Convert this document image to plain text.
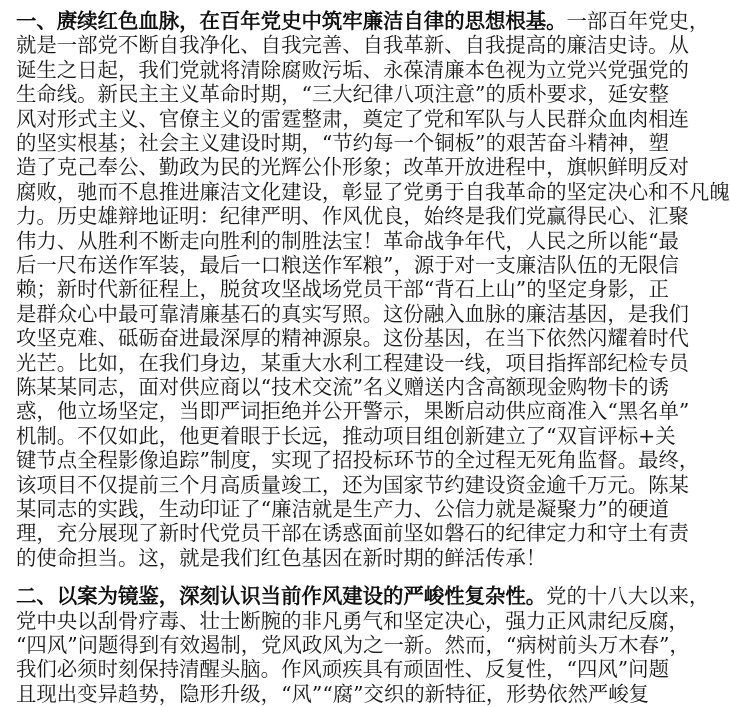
一、赓续红色血脉，在百年党史中筑牢廉洁自律的思想根基。一部百年党史，
就是一部党不断自我净化、自我完善、自我革新、自我提高的廉洁史诗。从
诞生之日起，我们党就将清除腐败污垢、永葆清廉本色视为立党兴党强党的
生命线。新民主主义革命时期，“三大纪律八项注意”的质朴要求，延安整
风对形式主义、官僚主义的雷霆整肃，奠定了党和军队与人民群众血肉相连
的坚实根基；社会主义建设时期，“节约每一个铜板”的艰苦奋斗精神，塑
造了克己奉公、勤政为民的光辉公仆形象；改革开放进程中，旗帜鲜明反对
腐败，驰而不息推进廉洁文化建设，彰显了党勇于自我革命的坚定决心和不凡魄
力。历史雄辩地证明：纪律严明、作风优良，始终是我们党赢得民心、汇聚
伟力、从胜利不断走向胜利的制胜法宝！革命战争年代，人民之所以能“最
后一尺布送作军装，最后一口粮送作军粮”，源于对一支廉洁队伍的无限信
赖；新时代新征程上，脱贫攻坚战场党员干部“背石上山”的坚定身影，正
是群众心中最可靠清廉基石的真实写照。这份融入血脉的廉洁基因，是我们
攻坚克难、砥砺奋进最深厚的精神源泉。这份基因，在当下依然闪耀着时代
光芒。比如，在我们身边，某重大水利工程建设一线，项目指挥部纪检专员
陈某某同志，面对供应商以“技术交流”名义赠送内含高额现金购物卡的诱
惑，他立场坚定，当即严词拒绝并公开警示，果断启动供应商准入“黑名单”
机制。不仅如此，他更着眼于长远，推动项目组创新建立了“双盲评标+关
键节点全程影像追踪”制度，实现了招投标环节的全过程无死角监督。最终，
该项目不仅提前三个月高质量竣工，还为国家节约建设资金逾千万元。陈某
某同志的实践，生动印证了“廉洁就是生产力、公信力就是凝聚力”的硬道
理，充分展现了新时代党员干部在诱惑面前坚如磐石的纪律定力和守土有责
的使命担当。这，就是我们红色基因在新时期的鲜活传承！
二、以案为镜鉴，深刻认识当前作风建设的严峻性复杂性。党的十八大以来，
党中央以刮骨疗毒、壮士断腕的非凡勇气和坚定决心，强力正风肃纪反腐，
“四风”问题得到有效遏制，党风政风为之一新。然而，“病树前头万木春”，
我们必须时刻保持清醒头脑。作风顽疾具有顽固性、反复性，“四风”问题
且现出变异趋势，隐形升级，“风”“腐”交织的新特征，形势依然严峻复
